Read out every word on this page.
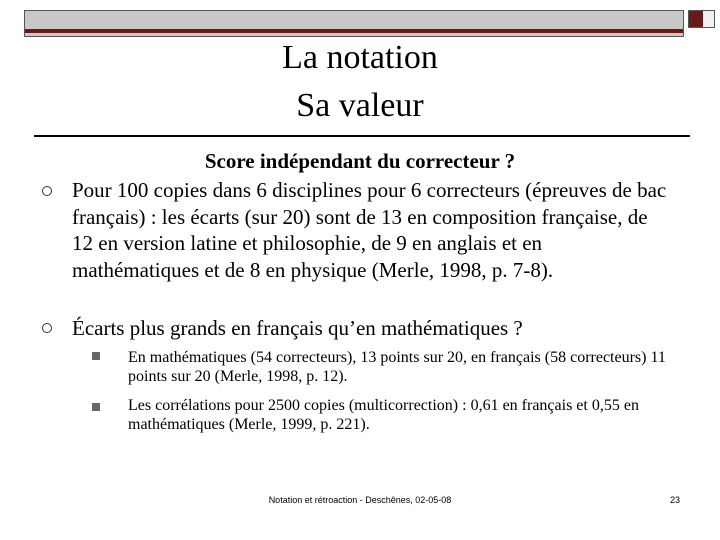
La notation
Sa valeur
Score indépendant du correcteur ?
Pour 100 copies dans 6 disciplines pour 6 correcteurs (épreuves de bac français) : les écarts (sur 20) sont de 13 en composition française, de 12 en version latine et philosophie, de 9 en anglais et en mathématiques et de 8 en physique (Merle, 1998, p. 7-8).
Écarts plus grands en français qu’en mathématiques ?
En mathématiques (54 correcteurs), 13 points sur 20, en français (58 correcteurs) 11 points sur 20 (Merle, 1998, p. 12).
Les corrélations pour 2500 copies (multicorrection) : 0,61 en français et 0,55 en mathématiques (Merle, 1999, p. 221).
Notation et rétroaction - Deschênes, 02-05-08	23
